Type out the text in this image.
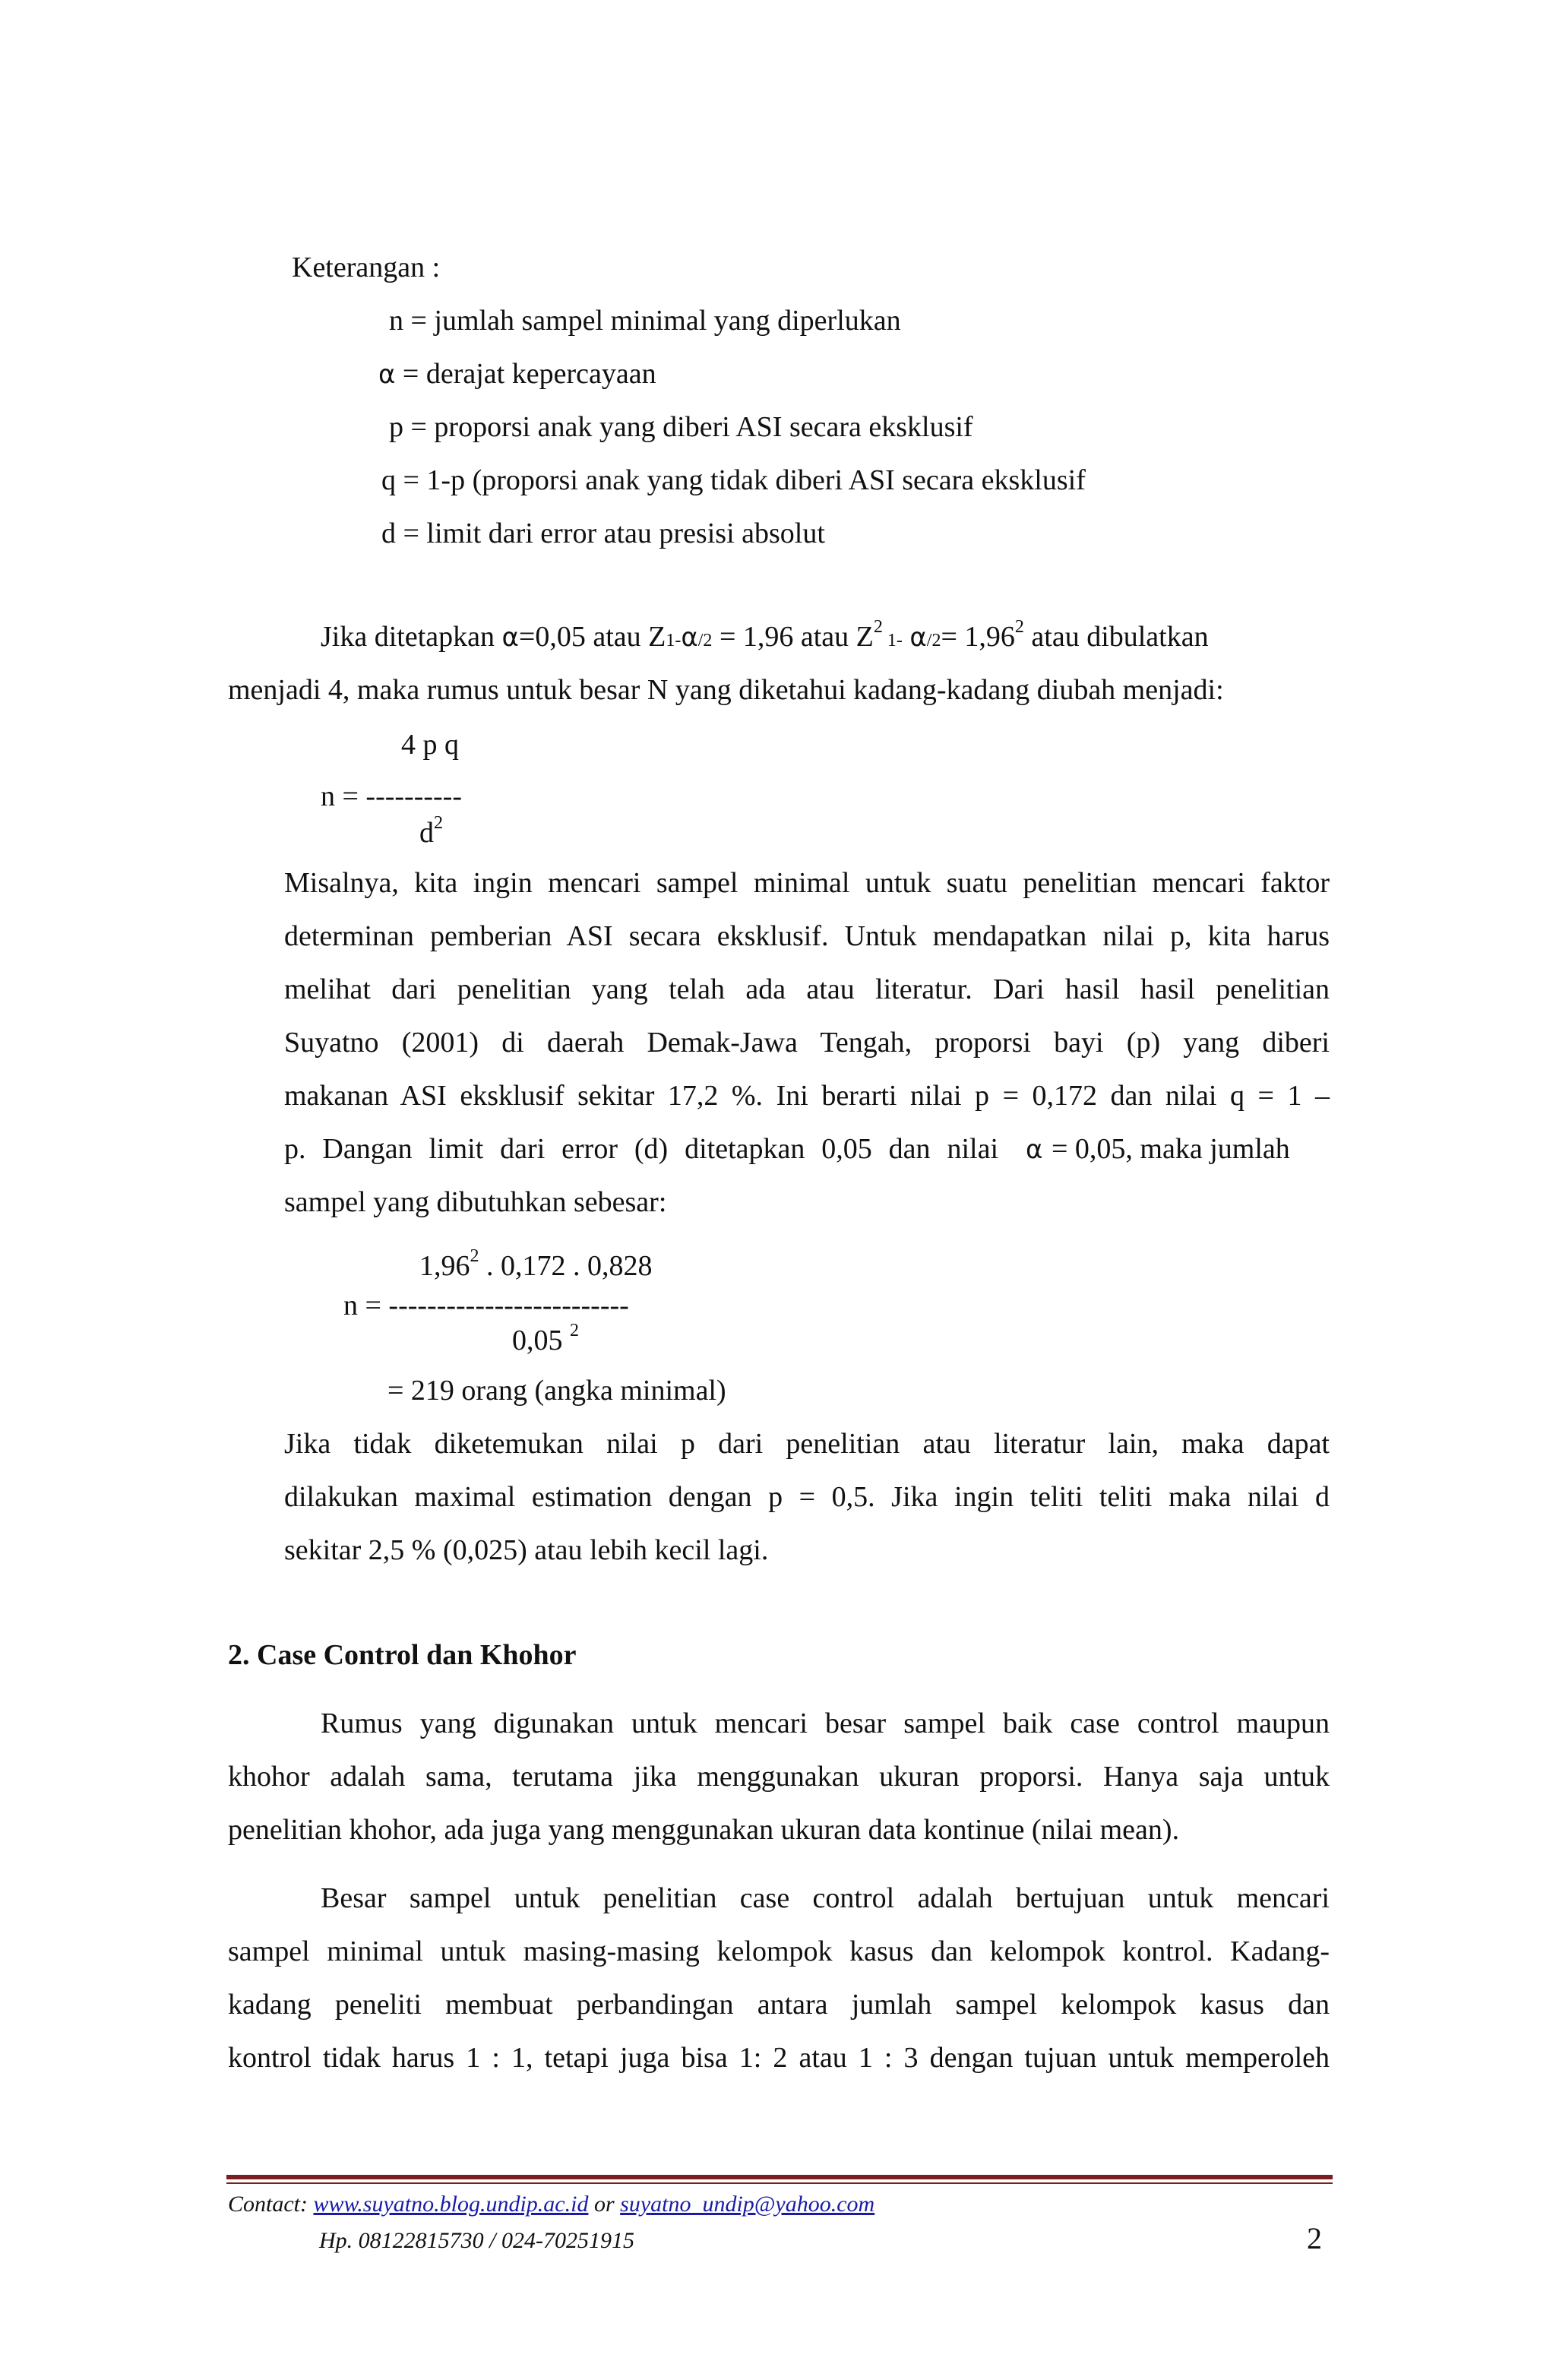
Keterangan :
n = jumlah sampel minimal yang diperlukan
⍺ = derajat kepercayaan
p = proporsi anak yang diberi ASI secara eksklusif
q = 1-p (proporsi anak yang tidak diberi ASI secara eksklusif
d = limit dari error atau presisi absolut
Jika ditetapkan ⍺=0,05 atau Z1-⍺/2 = 1,96 atau $Z^2$ 1- ⍺/2= $1,96^2$ atau dibulatkan
menjadi 4, maka rumus untuk besar N yang diketahui kadang-kadang diubah menjadi:
4 p q
n = ----------
$d^2$
Misalnya, kita ingin mencari sampel minimal untuk suatu penelitian mencari faktor
determinan pemberian ASI secara eksklusif. Untuk mendapatkan nilai p, kita harus
melihat dari penelitian yang telah ada atau literatur. Dari hasil hasil penelitian
Suyatno (2001) di daerah Demak-Jawa Tengah, proporsi bayi (p) yang diberi
makanan ASI eksklusif sekitar 17,2 %. Ini berarti nilai p = 0,172 dan nilai q = 1 –
p. Dangan limit dari error (d) ditetapkan 0,05 dan nilai ⍺ = 0,05, maka jumlah
sampel yang dibutuhkan sebesar:
1,96$^2$ . 0,172 . 0,828
n = -------------------------
0,05 $^2$
= 219 orang (angka minimal)
Jika tidak diketemukan nilai p dari penelitian atau literatur lain, maka dapat
dilakukan maximal estimation dengan p = 0,5. Jika ingin teliti teliti maka nilai d
sekitar 2,5 % (0,025) atau lebih kecil lagi.
2. Case Control dan Khohor
Rumus yang digunakan untuk mencari besar sampel baik case control maupun
khohor adalah sama, terutama jika menggunakan ukuran proporsi. Hanya saja untuk
penelitian khohor, ada juga yang menggunakan ukuran data kontinue (nilai mean).
Besar sampel untuk penelitian case control adalah bertujuan untuk mencari
sampel minimal untuk masing-masing kelompok kasus dan kelompok kontrol. Kadang-
kadang peneliti membuat perbandingan antara jumlah sampel kelompok kasus dan
kontrol tidak harus 1 : 1, tetapi juga bisa 1: 2 atau 1 : 3 dengan tujuan untuk memperoleh
Contact: www.suyatno.blog.undip.ac.id or suyatno_undip@yahoo.com
Hp. 08122815730 / 024-70251915	2
